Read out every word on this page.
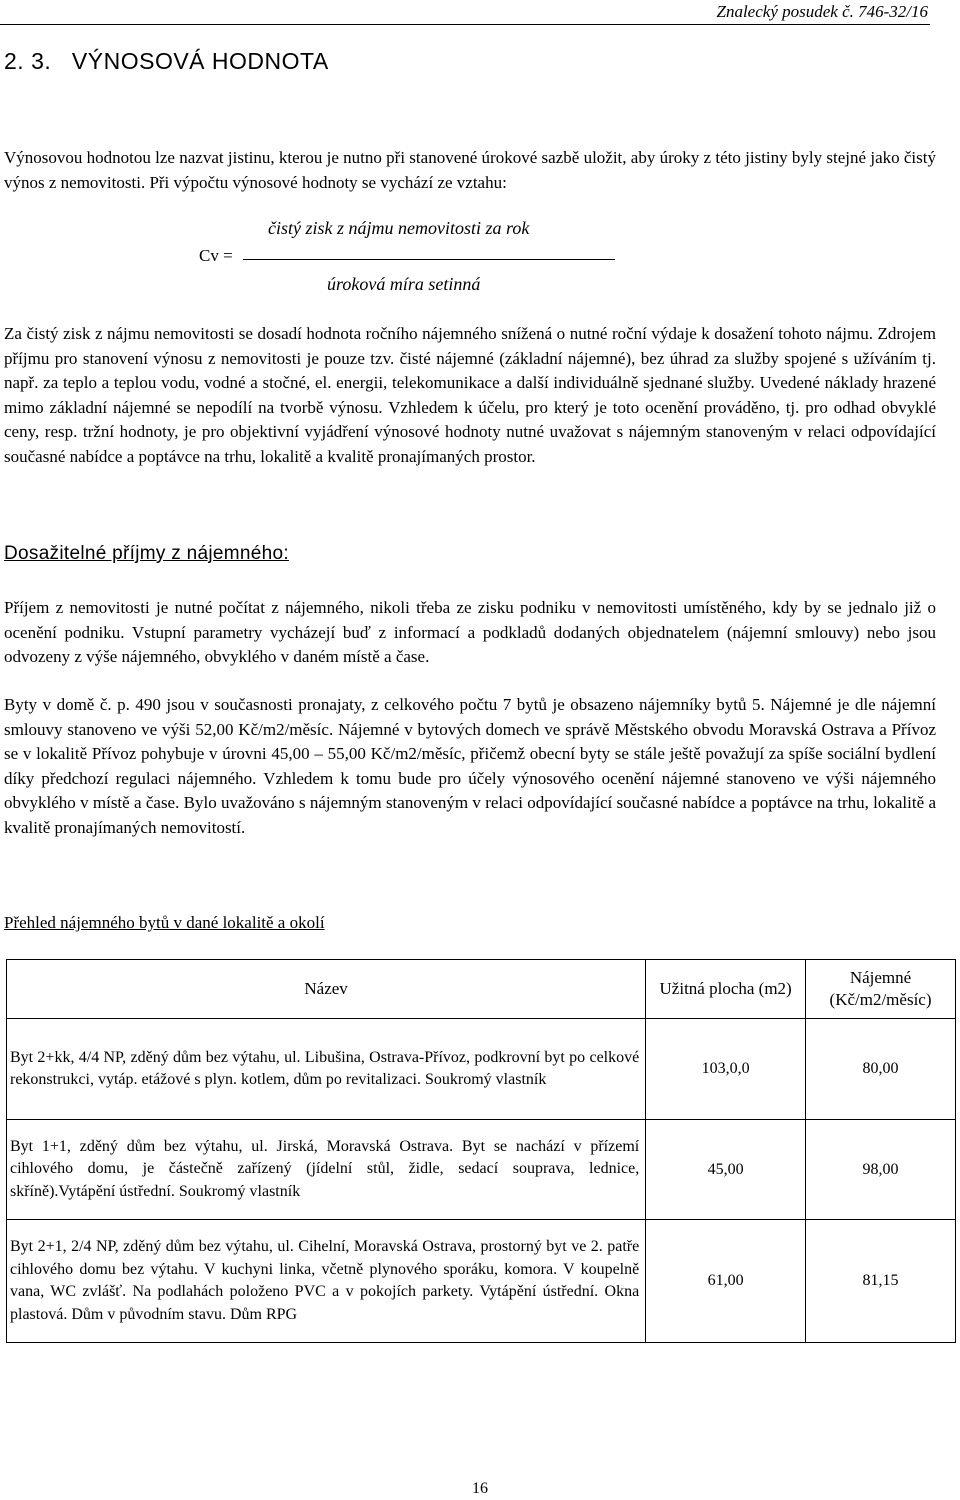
Znalecký posudek č. 746-32/16
2. 3.   VÝNOSOVÁ HODNOTA

Výnosovou hodnotou lze nazvat jistinu, kterou je nutno při stanovené úrokové sazbě uložit, aby úroky z této jistiny byly stejné jako čistý výnos z nemovitosti. Při výpočtu výnosové hodnoty se vychází ze vztahu:

Cv =
čistý zisk z nájmu nemovitosti za rok
úroková míra setinná

Za čistý zisk z nájmu nemovitosti se dosadí hodnota ročního nájemného snížená o nutné roční výdaje k dosažení tohoto nájmu. Zdrojem příjmu pro stanovení výnosu z nemovitosti je pouze tzv. čisté nájemné (základní nájemné), bez úhrad za služby spojené s užíváním tj. např. za teplo a teplou vodu, vodné a stočné, el. energii, telekomunikace a další individuálně sjednané služby. Uvedené náklady hrazené mimo základní nájemné se nepodílí na tvorbě výnosu. Vzhledem k účelu, pro který je toto ocenění prováděno, tj. pro odhad obvyklé ceny, resp. tržní hodnoty, je pro objektivní vyjádření výnosové hodnoty nutné uvažovat s nájemným stanoveným v relaci odpovídající současné nabídce a poptávce na trhu, lokalitě a kvalitě pronajímaných prostor.

Dosažitelné příjmy z nájemného:

Příjem z nemovitosti je nutné počítat z nájemného, nikoli třeba ze zisku podniku v nemovitosti umístěného, kdy by se jednalo již o ocenění podniku. Vstupní parametry vycházejí buď z informací a podkladů dodaných objednatelem (nájemní smlouvy) nebo jsou odvozeny z výše nájemného, obvyklého v daném místě a čase.

Byty v domě č. p. 490 jsou v současnosti pronajaty, z celkového počtu 7 bytů je obsazeno nájemníky bytů 5. Nájemné je dle nájemní smlouvy stanoveno ve výši 52,00 Kč/m2/měsíc. Nájemné v bytových domech ve správě Městského obvodu Moravská Ostrava a Přívoz se v lokalitě Přívoz pohybuje v úrovni 45,00 – 55,00 Kč/m2/měsíc, přičemž obecní byty se stále ještě považují za spíše sociální bydlení díky předchozí regulaci nájemného. Vzhledem k tomu bude pro účely výnosového ocenění nájemné stanoveno ve výši nájemného obvyklého v místě a čase. Bylo uvažováno s nájemným stanoveným v relaci odpovídající současné nabídce a poptávce na trhu, lokalitě a kvalitě pronajímaných nemovitostí.

Přehled nájemného bytů v dané lokalitě a okolí
Název	Užitná plocha (m2)	Nájemné (Kč/m2/měsíc)
Byt 2+kk, 4/4 NP, zděný dům bez výtahu, ul. Libušina, Ostrava-Přívoz, podkrovní byt po celkové rekonstrukci, vytáp. etážové s plyn. kotlem, dům po revitalizaci. Soukromý vlastník	103,0,0	80,00
Byt 1+1, zděný dům bez výtahu, ul. Jirská, Moravská Ostrava. Byt se nachází v přízemí cihlového domu, je částečně zařízený (jídelní stůl, židle, sedací souprava, lednice, skříně).Vytápění ústřední. Soukromý vlastník	45,00	98,00
Byt 2+1, 2/4 NP, zděný dům bez výtahu, ul. Cihelní, Moravská Ostrava, prostorný byt ve 2. patře cihlového domu bez výtahu. V kuchyni linka, včetně plynového sporáku, komora. V koupelně vana, WC zvlášť. Na podlahách položeno PVC a v pokojích parkety. Vytápění ústřední. Okna plastová. Dům v původním stavu. Dům RPG	61,00	81,15
16
